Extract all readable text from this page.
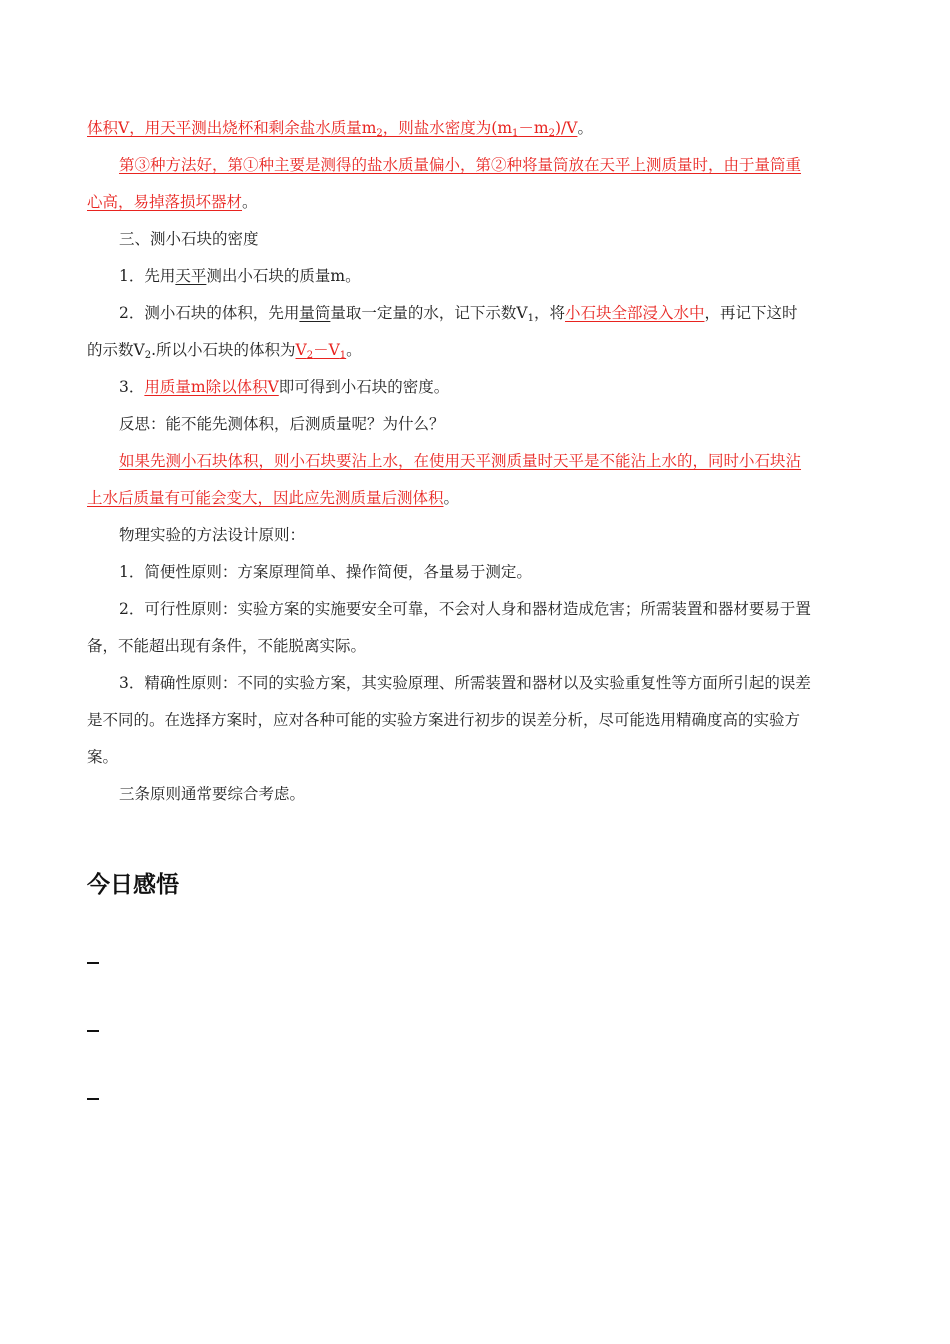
体积V，用天平测出烧杯和剩余盐水质量$m_2$，则盐水密度为$(m_1-m_2)/V$。

第③种方法好，第①种主要是测得的盐水质量偏小，第②种将量筒放在天平上测质量时，由于量筒重

心高，易掉落损坏器材。

三、测小石块的密度

1．先用天平测出小石块的质量m。

2．测小石块的体积，先用量筒量取一定量的水，记下示数$V_1$，将小石块全部浸入水中，再记下这时

的示数$V_2$.所以小石块的体积为$V_2-V_1$。

3．用质量m除以体积V即可得到小石块的密度。

反思：能不能先测体积，后测质量呢？为什么？

如果先测小石块体积，则小石块要沾上水，在使用天平测质量时天平是不能沾上水的，同时小石块沾

上水后质量有可能会变大，因此应先测质量后测体积。

物理实验的方法设计原则：

1．简便性原则：方案原理简单、操作简便，各量易于测定。

2．可行性原则：实验方案的实施要安全可靠，不会对人身和器材造成危害；所需装置和器材要易于置

备，不能超出现有条件，不能脱离实际。

3．精确性原则：不同的实验方案，其实验原理、所需装置和器材以及实验重复性等方面所引起的误差

是不同的。在选择方案时，应对各种可能的实验方案进行初步的误差分析，尽可能选用精确度高的实验方

案。

三条原则通常要综合考虑。

今日感悟
